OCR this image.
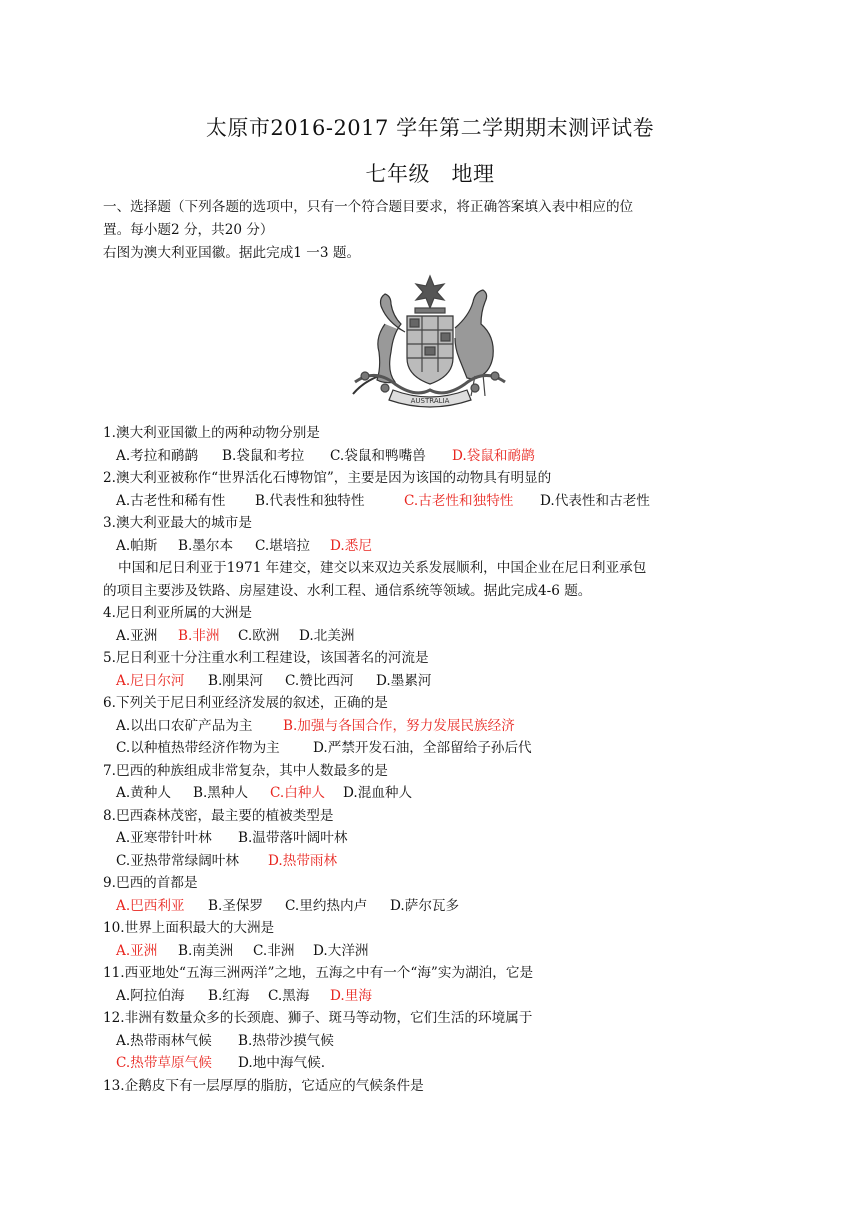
太原市2016-2017 学年第二学期期末测评试卷
七年级   地理
一、选择题（下列各题的选项中，只有一个符合题目要求，将正确答案填入表中相应的位
置。每小题2 分，共20 分）
右图为澳大利亚国徽。据此完成1 一3 题。
AUSTRALIA
1.澳大利亚国徽上的两种动物分别是
A.考拉和鸸鹋 B.袋鼠和考拉 C.袋鼠和鸭嘴兽 D.袋鼠和鸸鹋
2.澳大利亚被称作“世界活化石博物馆”，主要是因为该国的动物具有明显的
A.古老性和稀有性 B.代表性和独特性	C.古老性和独特性 D.代表性和古老性
3.澳大利亚最大的城市是
A.帕斯 B.墨尔本 C.堪培拉 D.悉尼
中国和尼日利亚于1971 年建交，建交以来双边关系发展顺利，中国企业在尼日利亚承包
的项目主要涉及铁路、房屋建设、水利工程、通信系统等领域。据此完成4-6 题。
4.尼日利亚所属的大洲是
A.亚洲 B.非洲 C.欧洲 D.北美洲
5.尼日利亚十分注重水利工程建设，该国著名的河流是
A.尼日尔河 B.刚果河 C.赞比西河 D.墨累河
6.下列关于尼日利亚经济发展的叙述，正确的是
A.以出口农矿产品为主 B.加强与各国合作，努力发展民族经济
C.以种植热带经济作物为主 D.严禁开发石油，全部留给子孙后代
7.巴西的种族组成非常复杂，其中人数最多的是
A.黄种人 B.黑种人 C.白种人 D.混血种人
8.巴西森林茂密，最主要的植被类型是
A.亚寒带针叶林 B.温带落叶阔叶林
C.亚热带常绿阔叶林 D.热带雨林
9.巴西的首都是
A.巴西利亚 B.圣保罗 C.里约热内卢 D.萨尔瓦多
10.世界上面积最大的大洲是
A.亚洲 B.南美洲 C.非洲 D.大洋洲
11.西亚地处“五海三洲两洋”之地，五海之中有一个“海”实为湖泊，它是
A.阿拉伯海 B.红海 C.黑海 D.里海
12.非洲有数量众多的长颈鹿、狮子、斑马等动物，它们生活的环境属于
A.热带雨林气候 B.热带沙摸气候
C.热带草原气候 D.地中海气候.
13.企鹅皮下有一层厚厚的脂肪，它适应的气候条件是
